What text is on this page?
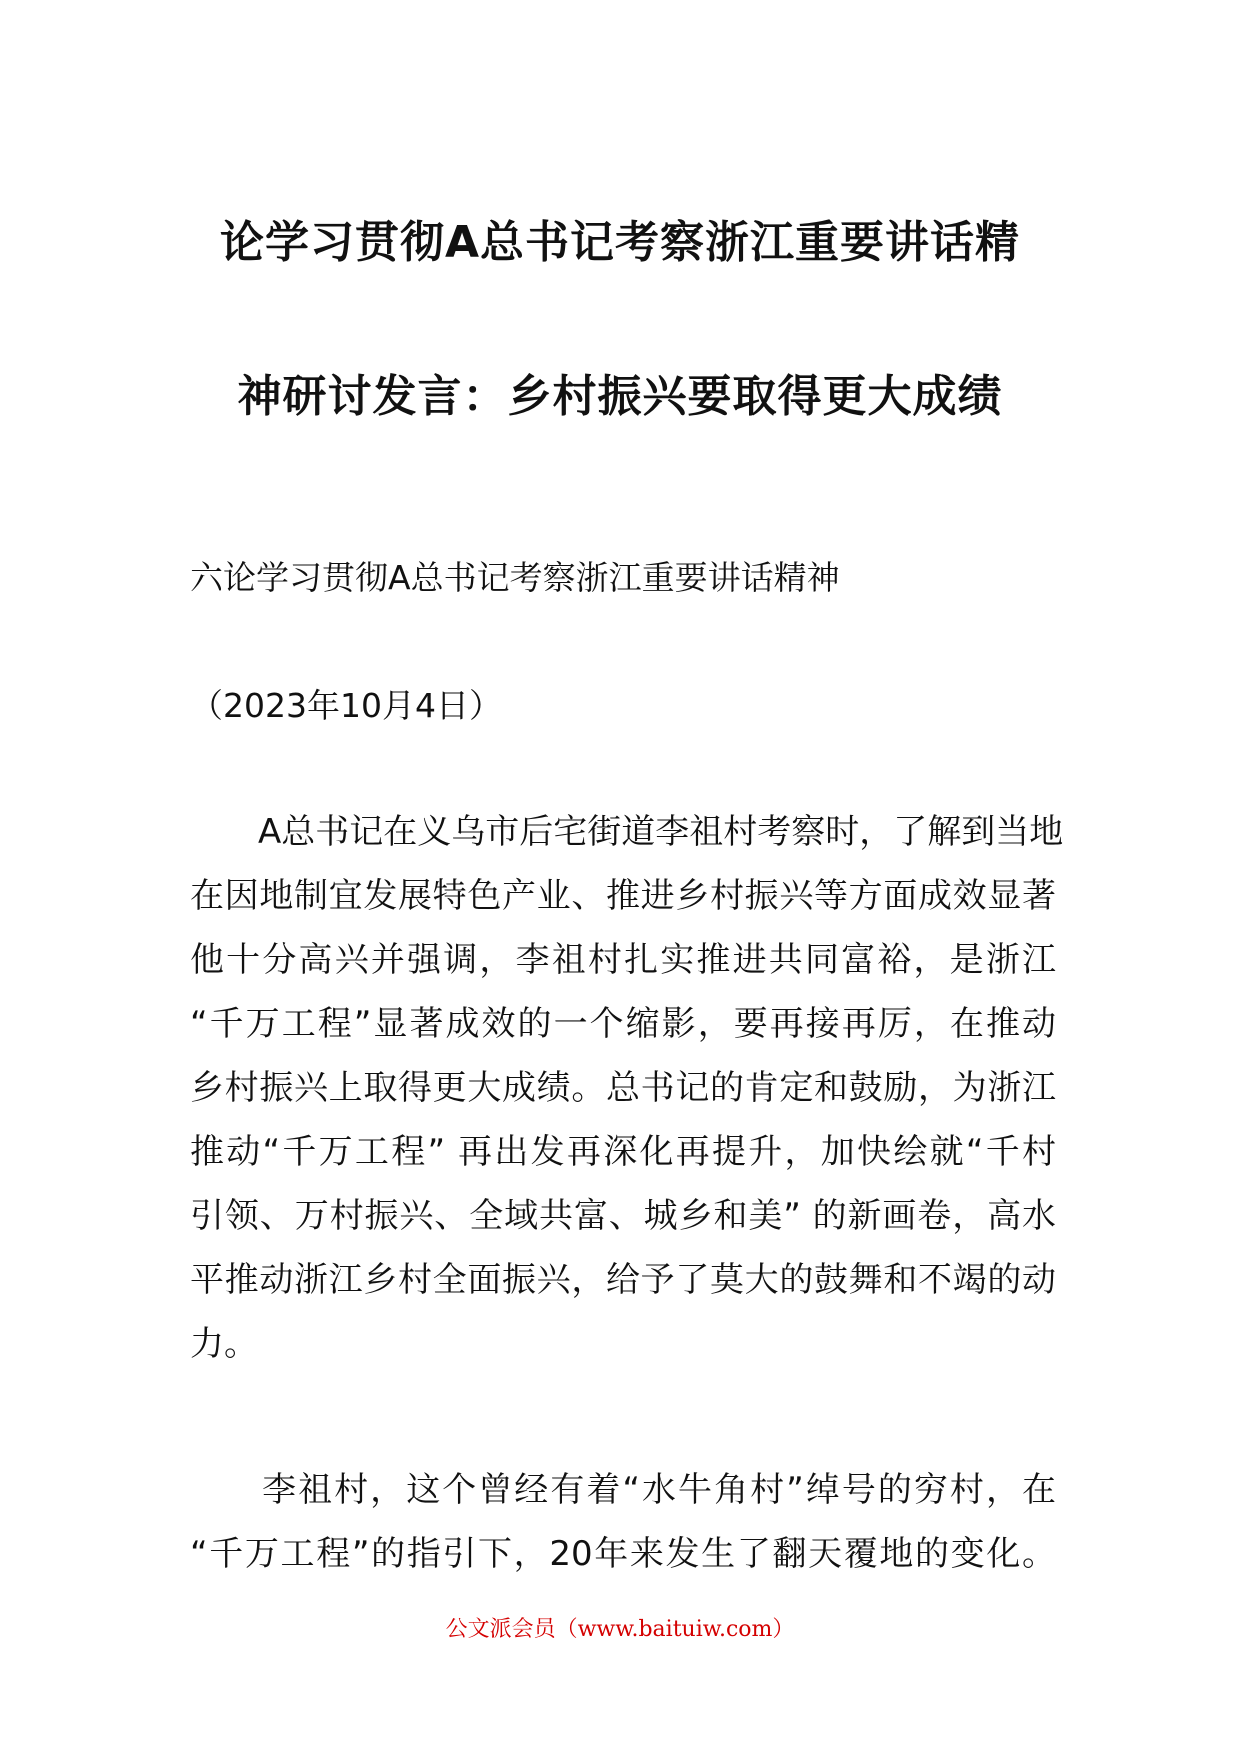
论学习贯彻A总书记考察浙江重要讲话精
神研讨发言：乡村振兴要取得更大成绩
六论学习贯彻A总书记考察浙江重要讲话精神
（2023年10月4日）
　　A总书记在义乌市后宅街道李祖村考察时，了解到当地
在因地制宜发展特色产业、推进乡村振兴等方面成效显著
他十分高兴并强调，李祖村扎实推进共同富裕，是浙江
“千万工程”显著成效的一个缩影，要再接再厉，在推动
乡村振兴上取得更大成绩。总书记的肯定和鼓励，为浙江
推动“千万工程” 再出发再深化再提升，加快绘就“千村
引领、万村振兴、全域共富、城乡和美” 的新画卷，高水
平推动浙江乡村全面振兴，给予了莫大的鼓舞和不竭的动
力。
　　李祖村，这个曾经有着“水牛角村”绰号的穷村，在
“千万工程”的指引下，20年来发生了翻天覆地的变化。
公文派会员（www.baituiw.com）
